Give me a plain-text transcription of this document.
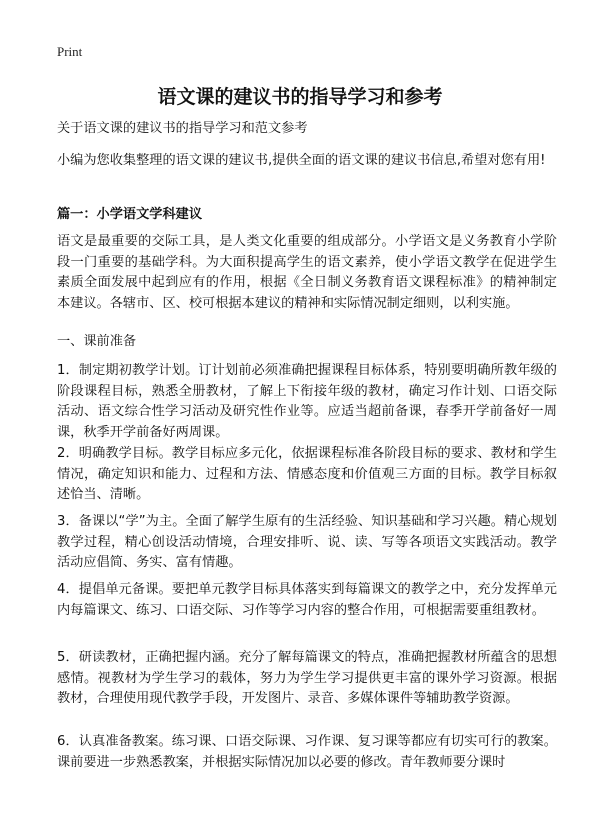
Print
语文课的建议书的指导学习和参考

关于语文课的建议书的指导学习和范文参考

小编为您收集整理的语文课的建议书,提供全面的语文课的建议书信息,希望对您有用!

篇一：小学语文学科建议

语文是最重要的交际工具，是人类文化重要的组成部分。小学语文是义务教育小学阶段一门重要的基础学科。为大面积提高学生的语文素养，使小学语文教学在促进学生素质全面发展中起到应有的作用，根据《全日制义务教育语文课程标准》的精神制定本建议。各辖市、区、校可根据本建议的精神和实际情况制定细则，以利实施。

一、课前准备

1．制定期初教学计划。订计划前必须准确把握课程目标体系，特别要明确所教年级的阶段课程目标，熟悉全册教材，了解上下衔接年级的教材，确定习作计划、口语交际活动、语文综合性学习活动及研究性作业等。应适当超前备课，春季开学前备好一周课，秋季开学前备好两周课。

2．明确教学目标。教学目标应多元化，依据课程标准各阶段目标的要求、教材和学生情况，确定知识和能力、过程和方法、情感态度和价值观三方面的目标。教学目标叙述恰当、清晰。

3．备课以“学”为主。全面了解学生原有的生活经验、知识基础和学习兴趣。精心规划教学过程，精心创设活动情境，合理安排听、说、读、写等各项语文实践活动。教学活动应倡简、务实、富有情趣。

4．提倡单元备课。要把单元教学目标具体落实到每篇课文的教学之中，充分发挥单元内每篇课文、练习、口语交际、习作等学习内容的整合作用，可根据需要重组教材。

5．研读教材，正确把握内涵。充分了解每篇课文的特点，准确把握教材所蕴含的思想感情。视教材为学生学习的载体，努力为学生学习提供更丰富的课外学习资源。根据教材，合理使用现代教学手段，开发图片、录音、多媒体课件等辅助教学资源。

6．认真准备教案。练习课、口语交际课、习作课、复习课等都应有切实可行的教案。课前要进一步熟悉教案，并根据实际情况加以必要的修改。青年教师要分课时
